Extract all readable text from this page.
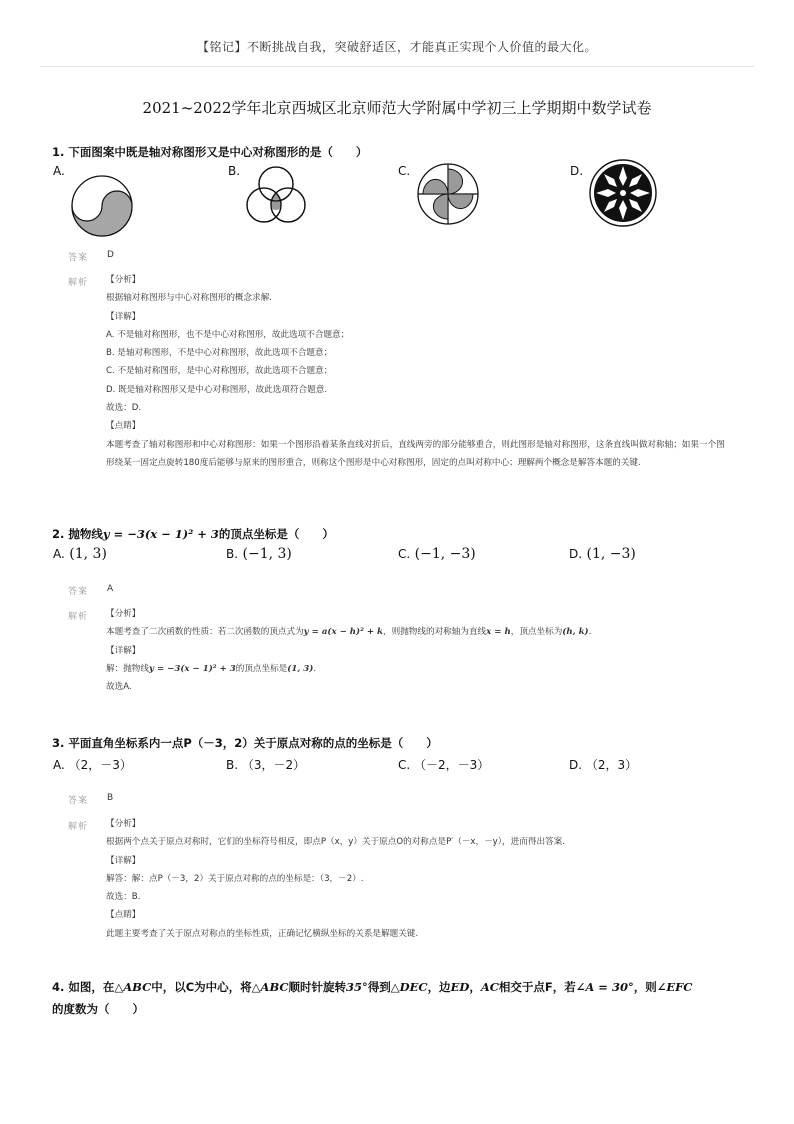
【铭记】不断挑战自我，突破舒适区，才能真正实现个人价值的最大化。
2021~2022学年北京西城区北京师范大学附属中学初三上学期期中数学试卷
1. 下面图案中既是轴对称图形又是中心对称图形的是（　　）
A.	B.	C.	D.
答案 D
解析 【分析】
根据轴对称图形与中心对称图形的概念求解.
【详解】
A. 不是轴对称图形，也不是中心对称图形，故此选项不合题意；
B. 是轴对称图形，不是中心对称图形，故此选项不合题意；
C. 不是轴对称图形，是中心对称图形，故此选项不合题意；
D. 既是轴对称图形又是中心对称图形，故此选项符合题意.
故选：D.
【点睛】
本题考查了轴对称图形和中心对称图形：如果一个图形沿着某条直线对折后，直线两旁的部分能够重合，则此图形是轴对称图形，这条直线叫做对称轴；如果一个图形绕某一固定点旋转180度后能够与原来的图形重合，则称这个图形是中心对称图形，固定的点叫对称中心；理解两个概念是解答本题的关键.
2. 抛物线y = −3(x − 1)² + 3的顶点坐标是（　　）
A. (1, 3)	B. (−1, 3)	C. (−1, −3)	D. (1, −3)
答案 A
解析 【分析】
本题考查了二次函数的性质：若二次函数的顶点式为y = a(x − h)² + k，则抛物线的对称轴为直线x = h，顶点坐标为(h, k).
【详解】
解：抛物线y = −3(x − 1)² + 3的顶点坐标是(1, 3).
故选A.
3. 平面直角坐标系内一点P（－3，2）关于原点对称的点的坐标是（　　）
A. （2，－3）	B. （3，－2）	C. （－2，－3）	D. （2，3）
答案 B
解析 【分析】
根据两个点关于原点对称时，它们的坐标符号相反，即点P（x，y）关于原点O的对称点是P′（－x，－y），进而得出答案.
【详解】
解答：解：点P（－3，2）关于原点对称的点的坐标是：（3，－2）.
故选：B.
【点睛】
此题主要考查了关于原点对称点的坐标性质，正确记忆横纵坐标的关系是解题关键.
4. 如图，在△ABC中，以C为中心，将△ABC顺时针旋转35°得到△DEC，边ED，AC相交于点F，若∠A = 30°，则∠EFC
的度数为（　　）
